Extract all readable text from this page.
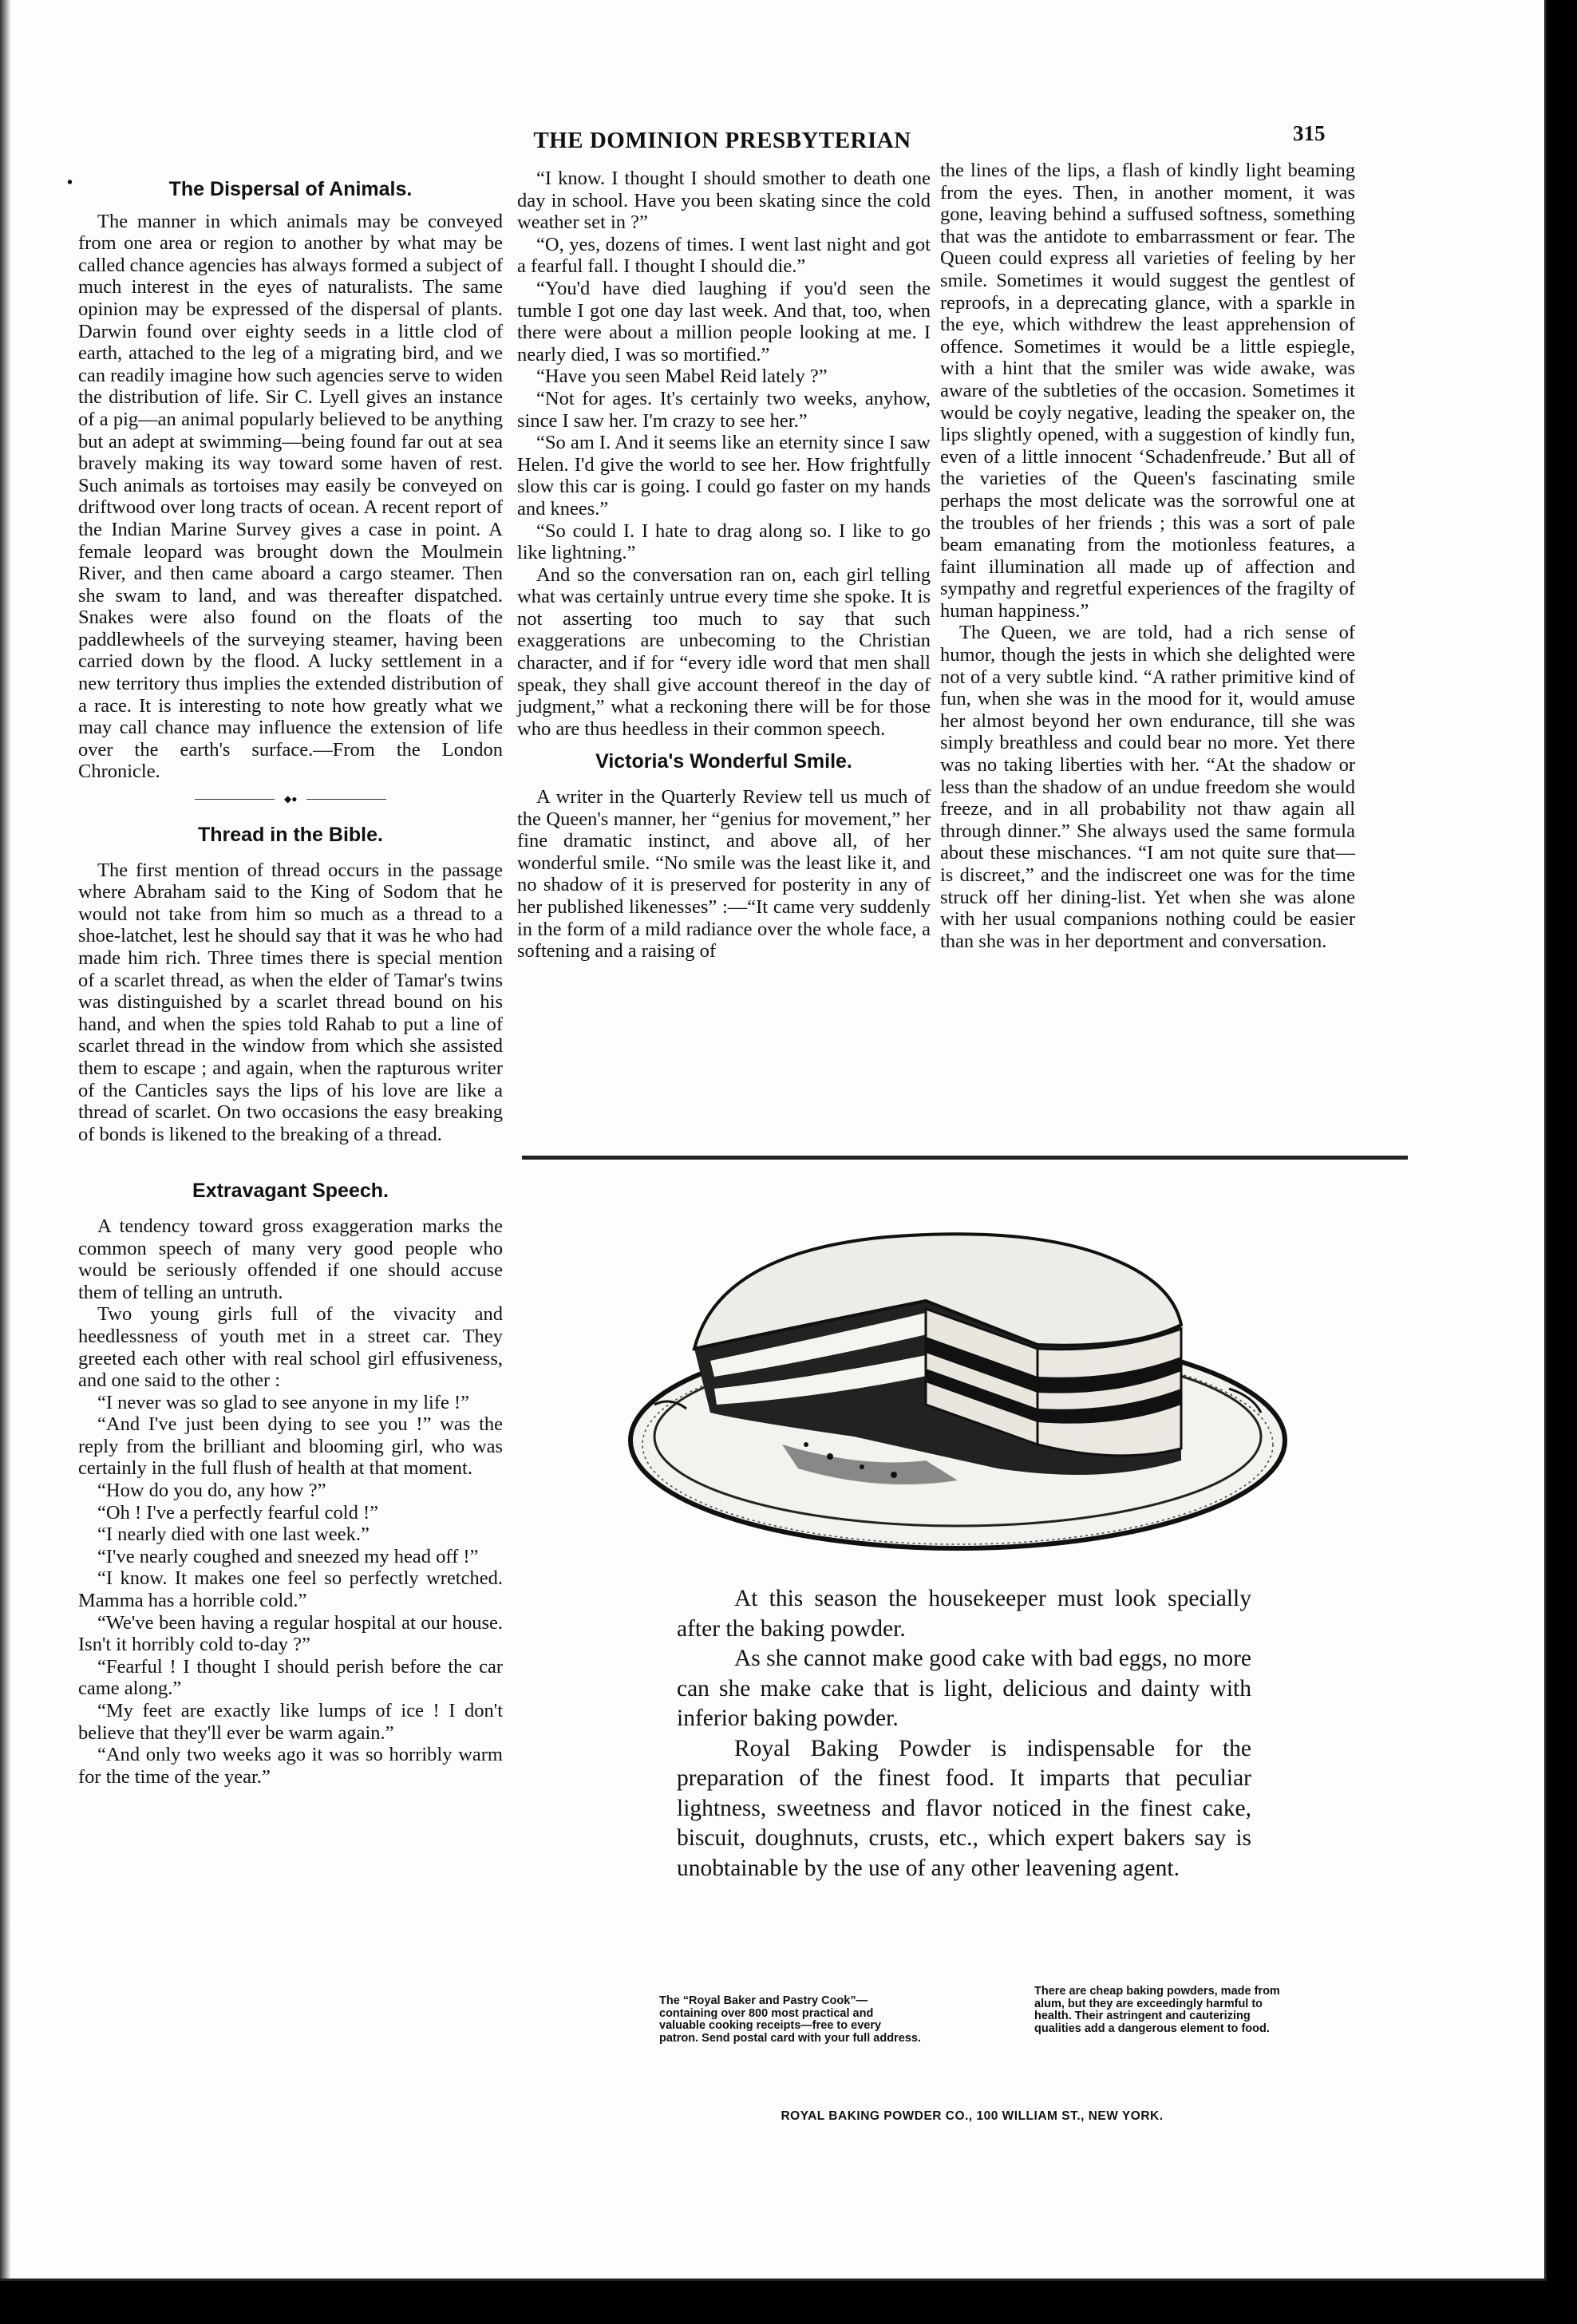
THE DOMINION PRESBYTERIAN	315
•	The Dispersal of Animals.

The manner in which animals may be conveyed from one area or region to another by what may be called chance agencies has always formed a subject of much interest in the eyes of naturalists. The same opinion may be expressed of the dispersal of plants. Darwin found over eighty seeds in a little clod of earth, attached to the leg of a migrating bird, and we can readily imagine how such agencies serve to widen the distribution of life. Sir C. Lyell gives an instance of a pig—an animal popularly believed to be anything but an adept at swimming—being found far out at sea bravely making its way toward some haven of rest. Such animals as tortoises may easily be conveyed on driftwood over long tracts of ocean. A recent report of the Indian Marine Survey gives a case in point. A female leopard was brought down the Moulmein River, and then came aboard a cargo steamer. Then she swam to land, and was thereafter dispatched. Snakes were also found on the floats of the paddlewheels of the surveying steamer, having been carried down by the flood. A lucky settlement in a new territory thus implies the extended distribution of a race. It is interesting to note how greatly what we may call chance may influence the extension of life over the earth's surface.—From the London Chronicle.

◆●
Thread in the Bible.

The first mention of thread occurs in the passage where Abraham said to the King of Sodom that he would not take from him so much as a thread to a shoe-latchet, lest he should say that it was he who had made him rich. Three times there is special mention of a scarlet thread, as when the elder of Tamar's twins was distinguished by a scarlet thread bound on his hand, and when the spies told Rahab to put a line of scarlet thread in the window from which she assisted them to escape ; and again, when the rapturous writer of the Canticles says the lips of his love are like a thread of scarlet. On two occasions the easy breaking of bonds is likened to the breaking of a thread.

Extravagant Speech.

A tendency toward gross exaggeration marks the common speech of many very good people who would be seriously offended if one should accuse them of telling an untruth.

Two young girls full of the vivacity and heedlessness of youth met in a street car. They greeted each other with real school girl effusiveness, and one said to the other :

“I never was so glad to see anyone in my life !”

“And I've just been dying to see you !” was the reply from the brilliant and blooming girl, who was certainly in the full flush of health at that moment.

“How do you do, any how ?”

“Oh ! I've a perfectly fearful cold !”

“I nearly died with one last week.”

“I've nearly coughed and sneezed my head off !”

“I know. It makes one feel so perfectly wretched. Mamma has a horrible cold.”

“We've been having a regular hospital at our house. Isn't it horribly cold to-day ?”

“Fearful ! I thought I should perish before the car came along.”

“My feet are exactly like lumps of ice ! I don't believe that they'll ever be warm again.”

“And only two weeks ago it was so horribly warm for the time of the year.”

“I know. I thought I should smother to death one day in school. Have you been skating since the cold weather set in ?”

“O, yes, dozens of times. I went last night and got a fearful fall. I thought I should die.”

“You'd have died laughing if you'd seen the tumble I got one day last week. And that, too, when there were about a million people looking at me. I nearly died, I was so mortified.”

“Have you seen Mabel Reid lately ?”

“Not for ages. It's certainly two weeks, anyhow, since I saw her. I'm crazy to see her.”

“So am I. And it seems like an eternity since I saw Helen. I'd give the world to see her. How frightfully slow this car is going. I could go faster on my hands and knees.”

“So could I. I hate to drag along so. I like to go like lightning.”

And so the conversation ran on, each girl telling what was certainly untrue every time she spoke. It is not asserting too much to say that such exaggerations are unbecoming to the Christian character, and if for “every idle word that men shall speak, they shall give account thereof in the day of judgment,” what a reckoning there will be for those who are thus heedless in their common speech.

Victoria's Wonderful Smile.

A writer in the Quarterly Review tell us much of the Queen's manner, her “genius for movement,” her fine dramatic instinct, and above all, of her wonderful smile. “No smile was the least like it, and no shadow of it is preserved for posterity in any of her published likenesses” :—“It came very suddenly in the form of a mild radiance over the whole face, a softening and a raising of

the lines of the lips, a flash of kindly light beaming from the eyes. Then, in another moment, it was gone, leaving behind a suffused softness, something that was the antidote to embarrassment or fear. The Queen could express all varieties of feeling by her smile. Sometimes it would suggest the gentlest of reproofs, in a deprecating glance, with a sparkle in the eye, which withdrew the least apprehension of offence. Sometimes it would be a little espiegle, with a hint that the smiler was wide awake, was aware of the subtleties of the occasion. Sometimes it would be coyly negative, leading the speaker on, the lips slightly opened, with a suggestion of kindly fun, even of a little innocent ‘Schadenfreude.’ But all of the varieties of the Queen's fascinating smile perhaps the most delicate was the sorrowful one at the troubles of her friends ; this was a sort of pale beam emanating from the motionless features, a faint illumination all made up of affection and sympathy and regretful experiences of the fragilty of human happiness.”

The Queen, we are told, had a rich sense of humor, though the jests in which she delighted were not of a very subtle kind. “A rather primitive kind of fun, when she was in the mood for it, would amuse her almost beyond her own endurance, till she was simply breathless and could bear no more. Yet there was no taking liberties with her. “At the shadow or less than the shadow of an undue freedom she would freeze, and in all probability not thaw again all through dinner.” She always used the same formula about these mischances. “I am not quite sure that—is discreet,” and the indiscreet one was for the time struck off her dining-list. Yet when she was alone with her usual companions nothing could be easier than she was in her deportment and conversation.

At this season the housekeeper must look specially after the baking powder.

As she cannot make good cake with bad eggs, no more can she make cake that is light, delicious and dainty with inferior baking powder.

Royal Baking Powder is indispensable for the preparation of the finest food. It imparts that peculiar lightness, sweetness and flavor noticed in the finest cake, biscuit, doughnuts, crusts, etc., which expert bakers say is unobtainable by the use of any other leavening agent.

The “Royal Baker and Pastry Cook”—containing over 800 most practical and valuable cooking receipts—free to every patron. Send postal card with your full address.
There are cheap baking powders, made from alum, but they are exceedingly harmful to health. Their astringent and cauterizing qualities add a dangerous element to food.
ROYAL BAKING POWDER CO., 100 WILLIAM ST., NEW YORK.
